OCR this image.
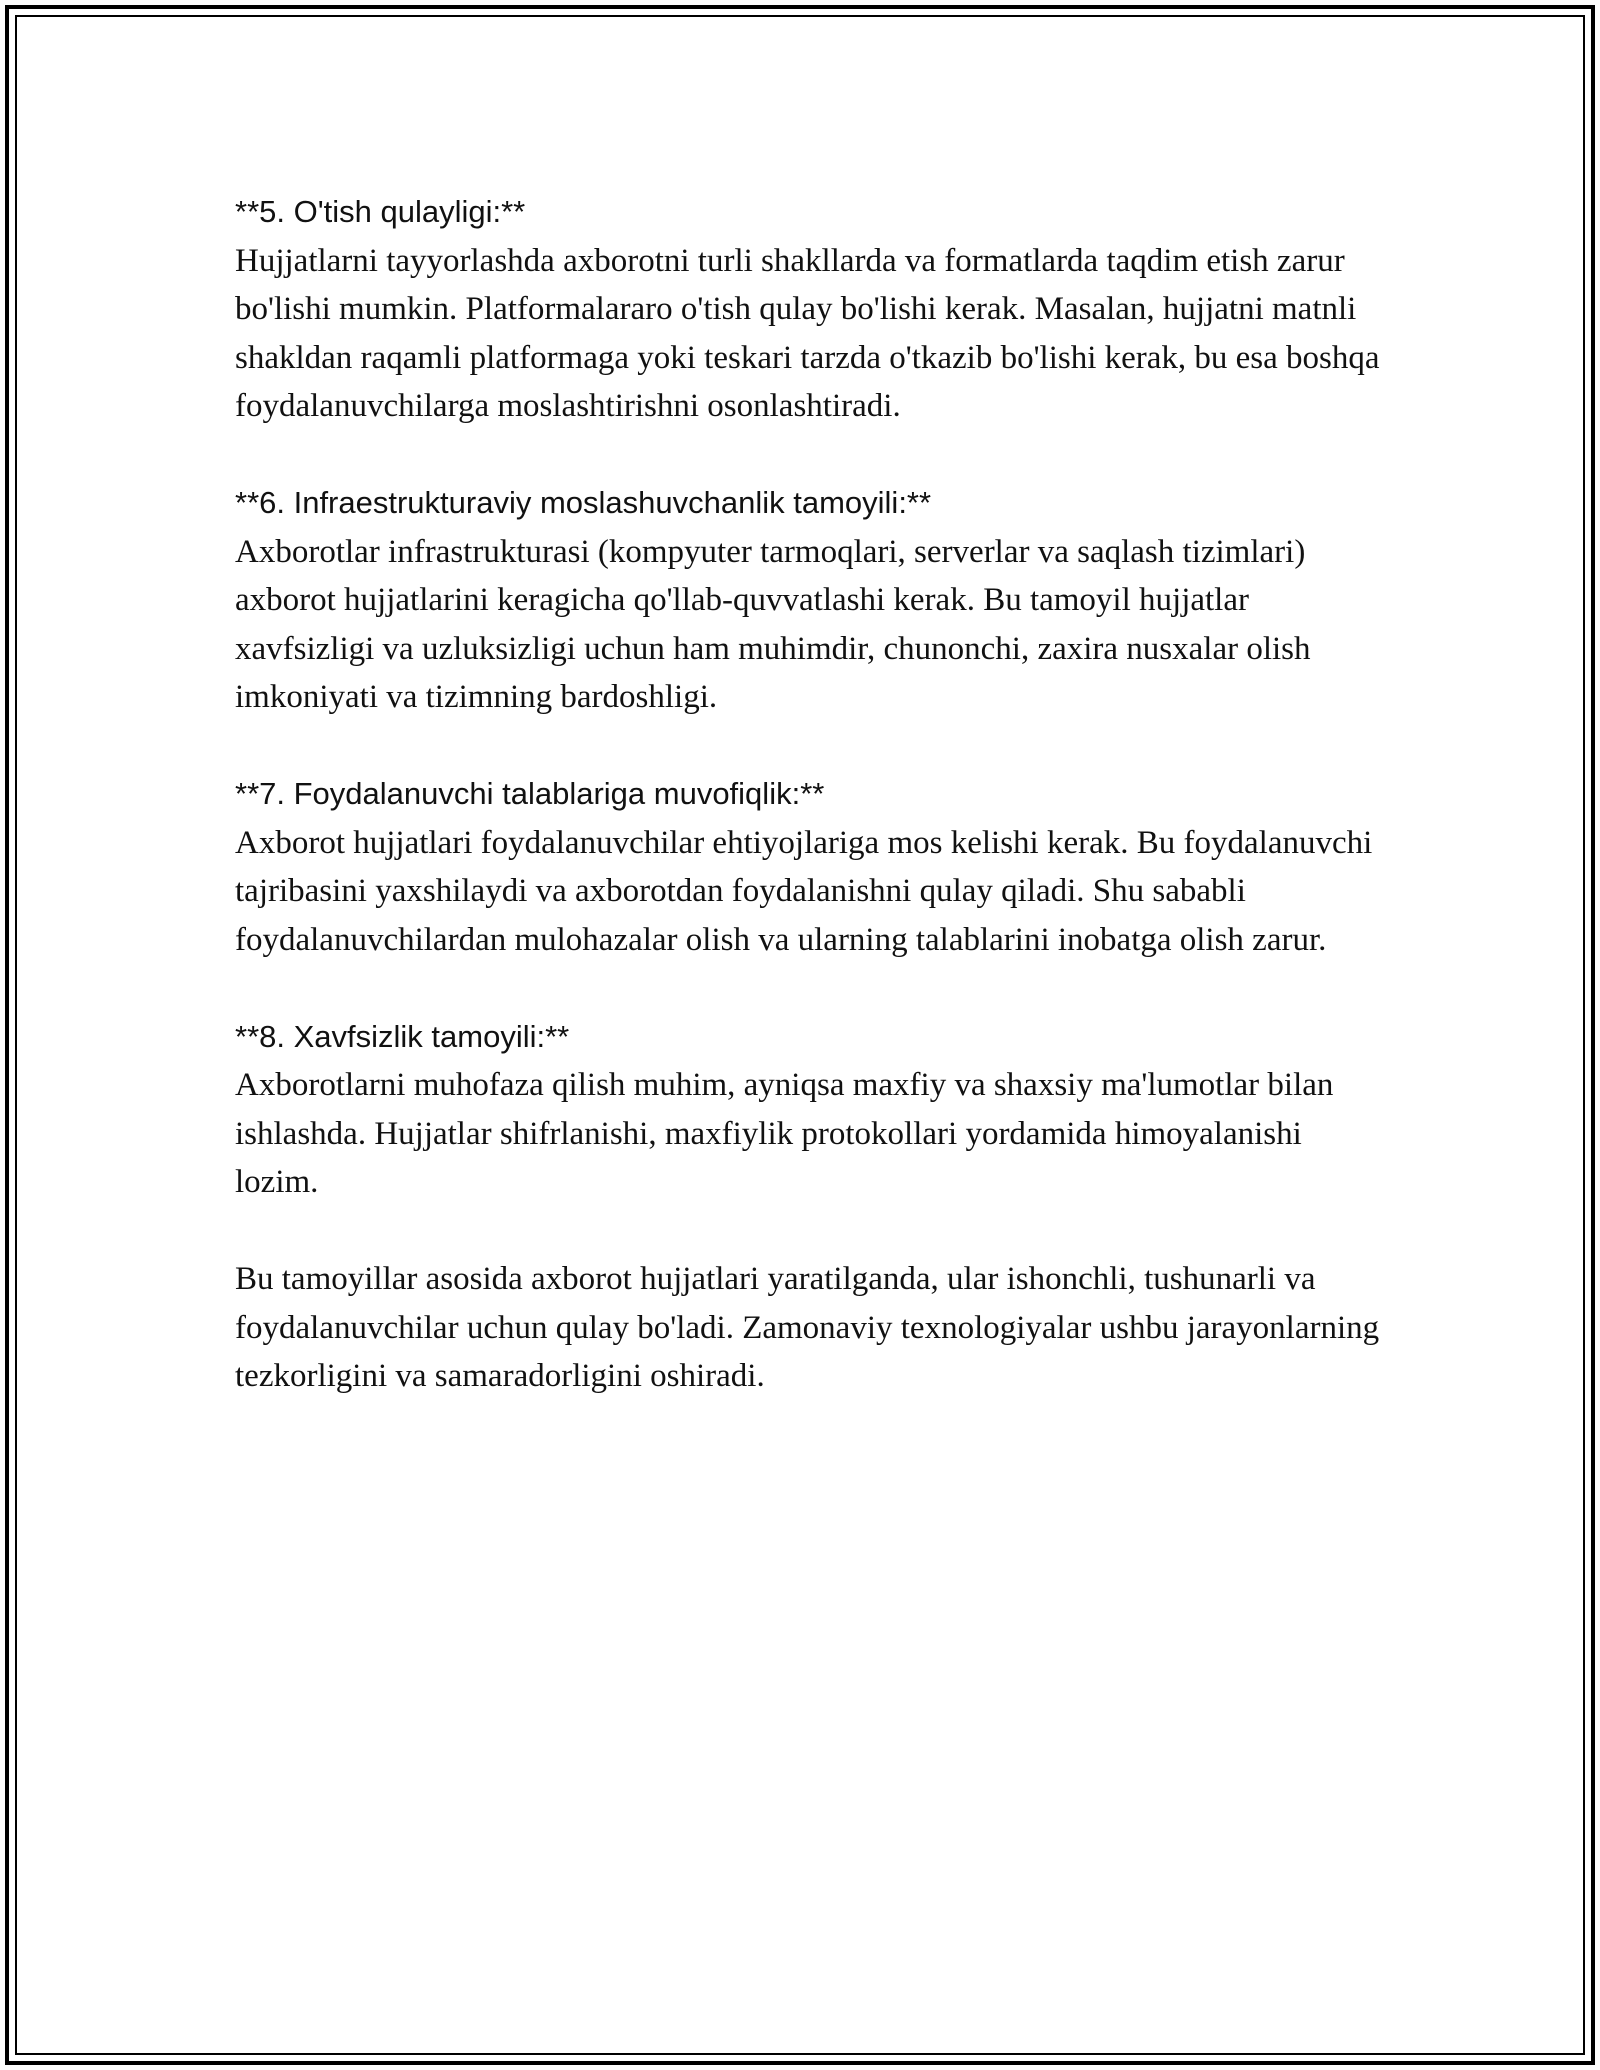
**5. O'tish qulayligi:**
Hujjatlarni tayyorlashda axborotni turli shakllarda va formatlarda taqdim etish zarur bo'lishi mumkin. Platformalararo o'tish qulay bo'lishi kerak. Masalan, hujjatni matnli shakldan raqamli platformaga yoki teskari tarzda o'tkazib bo'lishi kerak, bu esa boshqa foydalanuvchilarga moslashtirishni osonlashtiradi.
**6. Infraestrukturaviy moslashuvchanlik tamoyili:**
Axborotlar infrastrukturasi (kompyuter tarmoqlari, serverlar va saqlash tizimlari) axborot hujjatlarini keragicha qo'llab-quvvatlashi kerak. Bu tamoyil hujjatlar xavfsizligi va uzluksizligi uchun ham muhimdir, chunonchi, zaxira nusxalar olish imkoniyati va tizimning bardoshligi.
**7. Foydalanuvchi talablariga muvofiqlik:**
Axborot hujjatlari foydalanuvchilar ehtiyojlariga mos kelishi kerak. Bu foydalanuvchi tajribasini yaxshilaydi va axborotdan foydalanishni qulay qiladi. Shu sababli foydalanuvchilardan mulohazalar olish va ularning talablarini inobatga olish zarur.
**8. Xavfsizlik tamoyili:**
Axborotlarni muhofaza qilish muhim, ayniqsa maxfiy va shaxsiy ma'lumotlar bilan ishlashda. Hujjatlar shifrlanishi, maxfiylik protokollari yordamida himoyalanishi lozim.

Bu tamoyillar asosida axborot hujjatlari yaratilganda, ular ishonchli, tushunarli va foydalanuvchilar uchun qulay bo'ladi. Zamonaviy texnologiyalar ushbu jarayonlarning tezkorligini va samaradorligini oshiradi.
